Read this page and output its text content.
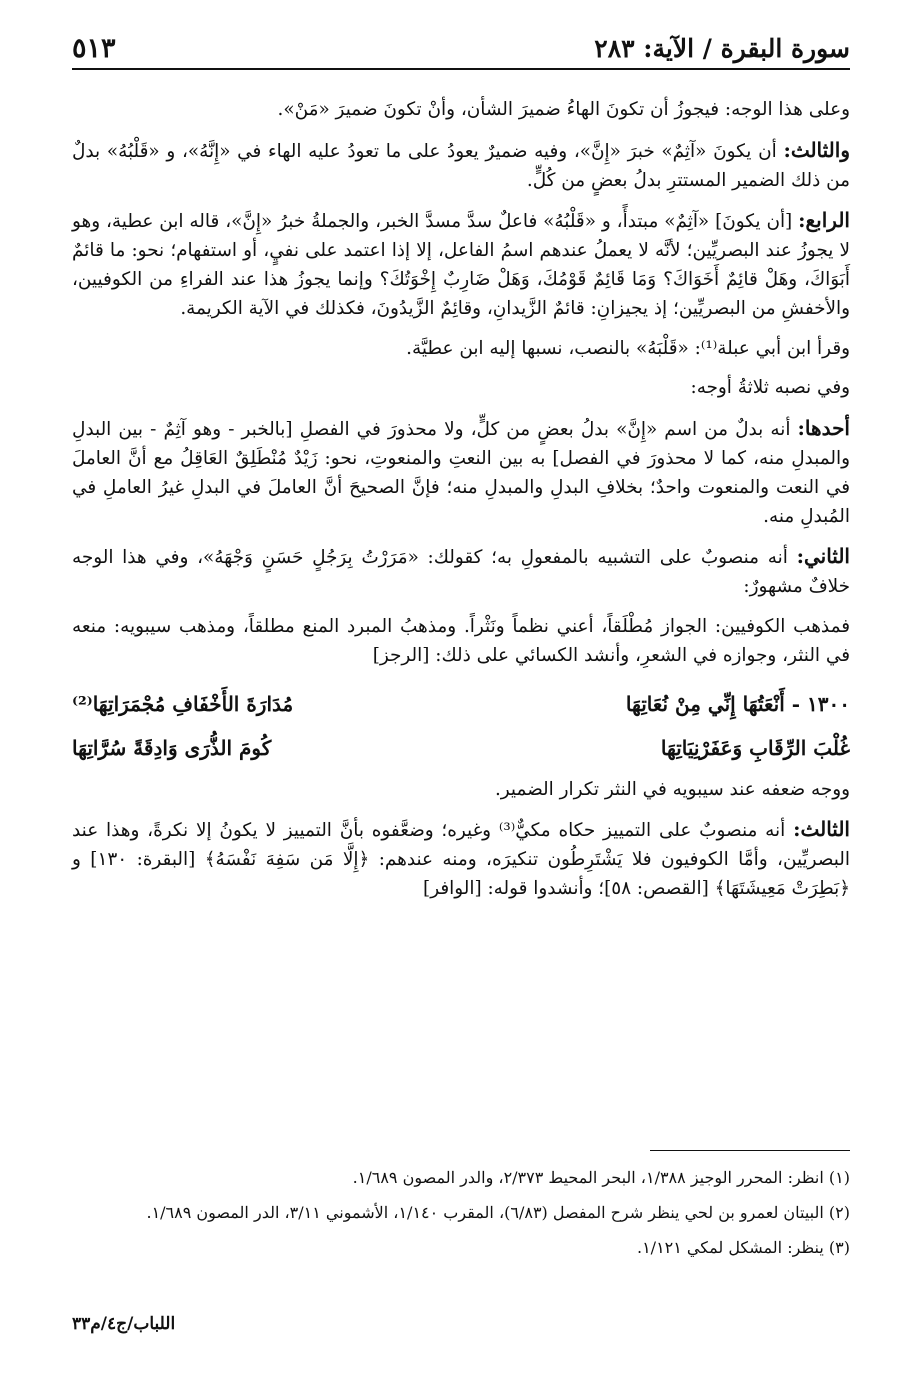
سورة البقرة / الآية: ٢٨٣
٥١٣

وعلى هذا الوجه: فيجوزُ أن تكونَ الهاءُ ضميرَ الشأن، وأنْ تكونَ ضميرَ «مَنْ».

والثالث: أن يكونَ «آثِمٌ» خبرَ «إِنَّ»، وفيه ضميرٌ يعودُ على ما تعودُ عليه الهاء في «إِنَّهُ»، و «قَلْبُهُ» بدلٌ من ذلك الضمير المستترِ بدلُ بعضٍ من كُلٍّ.

الرابع: [أن يكونَ] «آثِمٌ» مبتدأً، و «قَلْبُهُ» فاعلٌ سدَّ مسدَّ الخبر، والجملةُ خبرُ «إِنَّ»، قاله ابن عطية، وهو لا يجوزُ عند البصريِّين؛ لأنَّه لا يعملُ عندهم اسمُ الفاعل، إلا إذا اعتمد على نفيٍ، أو استفهام؛ نحو: ما قائمٌ أَبَوَاكَ، وهَلْ قائِمٌ أَخَوَاكَ؟ وَمَا قَائِمٌ قَوْمُكَ، وَهَلْ ضَارِبٌ إِخْوَتُكَ؟ وإنما يجوزُ هذا عند الفراءِ من الكوفيين، والأخفشِ من البصريِّين؛ إذ يجيزانِ: قائمٌ الزَّيدانِ، وقائِمٌ الزَّيدُونَ، فكذلك في الآية الكريمة.

وقرأ ابن أبي عبلة⁽¹⁾: «قَلْبَهُ» بالنصب، نسبها إليه ابن عطيَّة.

وفي نصبه ثلاثةُ أوجه:

أحدها: أنه بدلٌ من اسم «إِنَّ» بدلُ بعضٍ من كلٍّ، ولا محذورَ في الفصلِ [بالخبر - وهو آثِمٌ - بين البدلِ والمبدلِ منه، كما لا محذورَ في الفصل] به بين النعتِ والمنعوتِ، نحو: زَيْدٌ مُنْطَلِقٌ العَاقِلُ مع أنَّ العاملَ في النعت والمنعوت واحدٌ؛ بخلافِ البدلِ والمبدلِ منه؛ فإنَّ الصحيحَ أنَّ العاملَ في البدلِ غيرُ العاملِ في المُبدلِ منه.

الثاني: أنه منصوبٌ على التشبيه بالمفعولِ به؛ كقولك: «مَرَرْتُ بِرَجُلٍ حَسَنٍ وَجْهَهُ»، وفي هذا الوجه خلافٌ مشهورٌ:

فمذهب الكوفيين: الجواز مُطْلَقاً، أعني نظماً ونَثْراً. ومذهبُ المبرد المنع مطلقاً، ومذهب سيبويه: منعه في النثر، وجوازه في الشعرِ، وأنشد الكسائي على ذلك: [الرجز]

١٣٠٠ - أَنْعَتُهَا إِنِّي مِنْ نُعَاتِهَا
مُدَارَةَ الأَخْفَافِ مُجْمَرَاتِهَا⁽²⁾
غُلْبَ الرِّقَابِ وَعَفَرْنِيَاتِهَا
كُومَ الذُّرَى وَادِقَةً سُرَّاتِهَا

ووجه ضعفه عند سيبويه في النثر تكرار الضمير.

الثالث: أنه منصوبٌ على التمييز حكاه مكيٌّ⁽³⁾ وغيره؛ وضعَّفوه بأنَّ التمييز لا يكونُ إلا نكرةً، وهذا عند البصريِّين، وأمَّا الكوفيون فلا يَشْتَرِطُون تنكيرَه، ومنه عندهم: ﴿إِلَّا مَن سَفِهَ نَفْسَهُ﴾ [البقرة: ١٣٠] و ﴿بَطِرَتْ مَعِيشَتَهَا﴾ [القصص: ٥٨]؛ وأنشدوا قوله: [الوافر]

(١) انظر: المحرر الوجيز ١/٣٨٨، البحر المحيط ٢/٣٧٣، والدر المصون ١/٦٨٩.

(٢) البيتان لعمرو بن لحي ينظر شرح المفصل (٦/٨٣)، المقرب ١/١٤٠، الأشموني ٣/١١، الدر المصون ١/٦٨٩.

(٣) ينظر: المشكل لمكي ١/١٢١.

اللباب/ج٤/م٣٣
